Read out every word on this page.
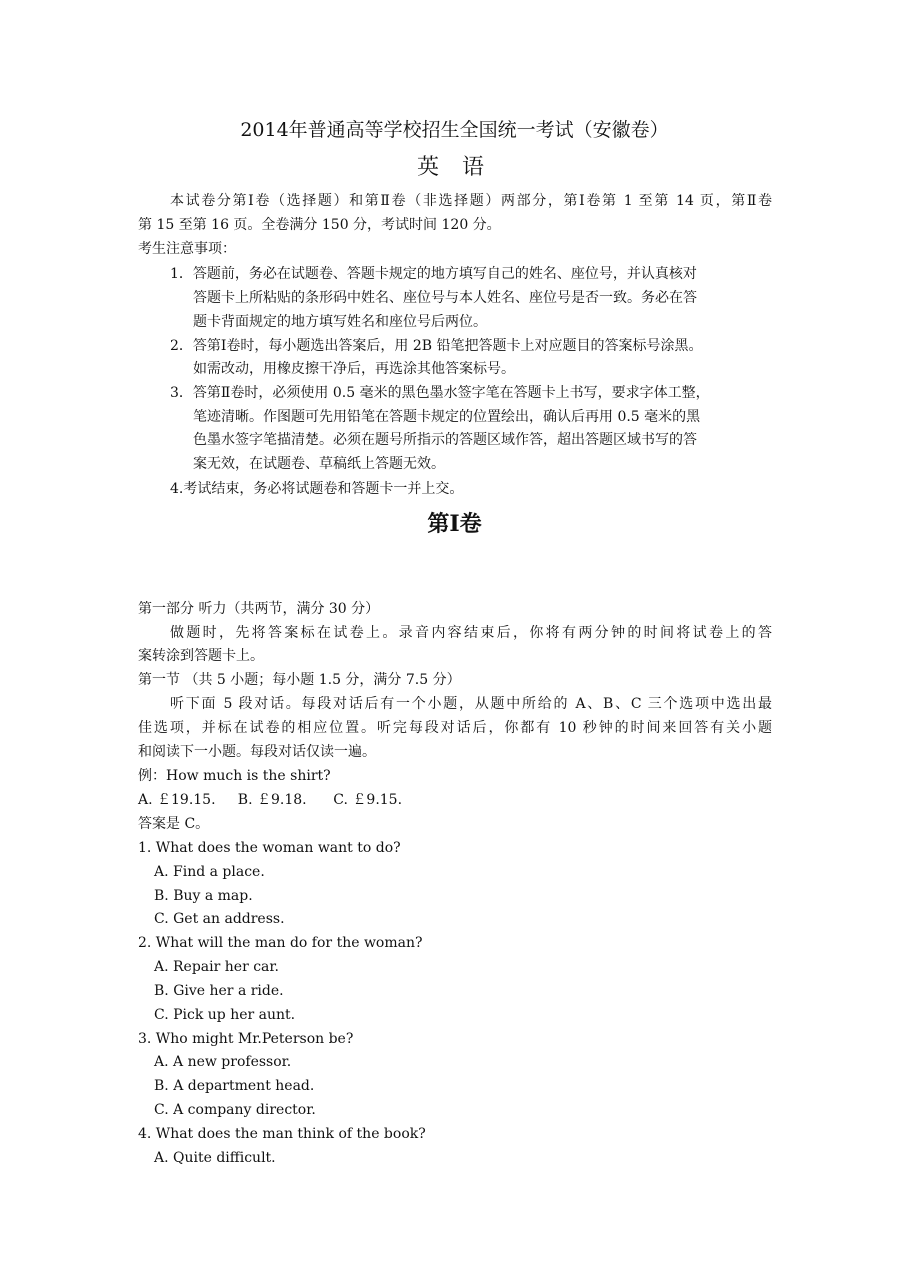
2014年普通高等学校招生全国统一考试（安徽卷）
英 语
本试卷分第Ⅰ卷（选择题）和第Ⅱ卷（非选择题）两部分，第Ⅰ卷第 1 至第 14 页，第Ⅱ卷
第 15 至第 16 页。全卷满分 150 分，考试时间 120 分。
考生注意事项：
1．答题前，务必在试题卷、答题卡规定的地方填写自己的姓名、座位号，并认真核对
答题卡上所粘贴的条形码中姓名、座位号与本人姓名、座位号是否一致。务必在答
题卡背面规定的地方填写姓名和座位号后两位。
2．答第Ⅰ卷时，每小题选出答案后，用 2B 铅笔把答题卡上对应题目的答案标号涂黑。
如需改动，用橡皮擦干净后，再选涂其他答案标号。
3．答第Ⅱ卷时，必须使用 0.5 毫米的黑色墨水签字笔在答题卡上书写，要求字体工整，
笔迹清晰。作图题可先用铅笔在答题卡规定的位置绘出，确认后再用 0.5 毫米的黑
色墨水签字笔描清楚。必须在题号所指示的答题区域作答，超出答题区域书写的答
案无效，在试题卷、草稿纸上答题无效。
4.考试结束，务必将试题卷和答题卡一并上交。
第Ⅰ卷
第一部分 听力（共两节，满分 30 分）
做题时，先将答案标在试卷上。录音内容结束后，你将有两分钟的时间将试卷上的答
案转涂到答题卡上。
第一节 （共 5 小题；每小题 1.5 分，满分 7.5 分）
听下面 5 段对话。每段对话后有一个小题，从题中所给的 A、B、C 三个选项中选出最
佳选项，并标在试卷的相应位置。听完每段对话后，你都有 10 秒钟的时间来回答有关小题
和阅读下一小题。每段对话仅读一遍。
例：How much is the shirt?
A. ￡19.15.     B. ￡9.18.      C. ￡9.15.
答案是 C。
1. What does the woman want to do?
A. Find a place.
B. Buy a map.
C. Get an address.
2. What will the man do for the woman?
A. Repair her car.
B. Give her a ride.
C. Pick up her aunt.
3. Who might Mr.Peterson be?
A. A new professor.
B. A department head.
C. A company director.
4. What does the man think of the book?
A. Quite difficult.
